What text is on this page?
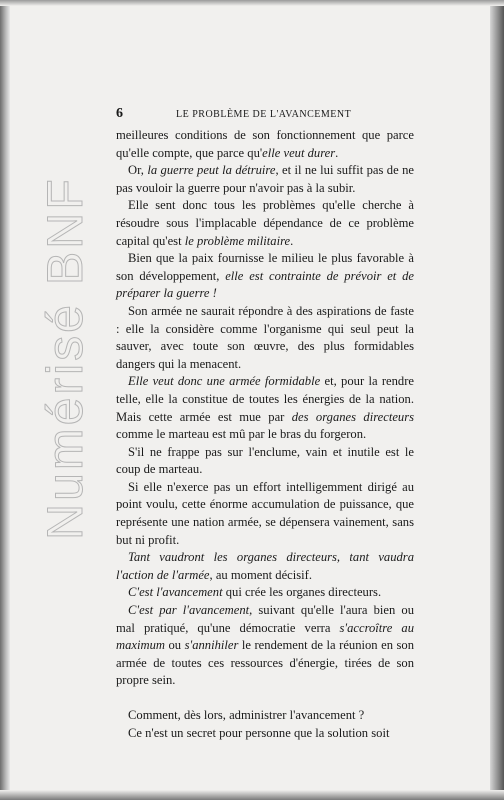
Numérisé BNF
6	LE PROBLÈME DE L'AVANCEMENT

meilleures conditions de son fonctionnement que parce qu'elle compte, que parce qu'elle veut durer.

Or, la guerre peut la détruire, et il ne lui suffit pas de ne pas vouloir la guerre pour n'avoir pas à la subir.

Elle sent donc tous les problèmes qu'elle cherche à résoudre sous l'implacable dépendance de ce problème capital qu'est le problème militaire.

Bien que la paix fournisse le milieu le plus favorable à son développement, elle est contrainte de prévoir et de préparer la guerre !

Son armée ne saurait répondre à des aspirations de faste : elle la considère comme l'organisme qui seul peut la sauver, avec toute son œuvre, des plus formidables dangers qui la menacent.

Elle veut donc une armée formidable et, pour la rendre telle, elle la constitue de toutes les énergies de la nation. Mais cette armée est mue par des organes directeurs comme le marteau est mû par le bras du forgeron.

S'il ne frappe pas sur l'enclume, vain et inutile est le coup de marteau.

Si elle n'exerce pas un effort intelligemment dirigé au point voulu, cette énorme accumulation de puissance, que représente une nation armée, se dépensera vainement, sans but ni profit.

Tant vaudront les organes directeurs, tant vaudra l'action de l'armée, au moment décisif.

C'est l'avancement qui crée les organes directeurs.

C'est par l'avancement, suivant qu'elle l'aura bien ou mal pratiqué, qu'une démocratie verra s'accroître au maximum ou s'annihiler le rendement de la réunion en son armée de toutes ces ressources d'énergie, tirées de son propre sein.

Comment, dès lors, administrer l'avancement ?

Ce n'est un secret pour personne que la solution soit
